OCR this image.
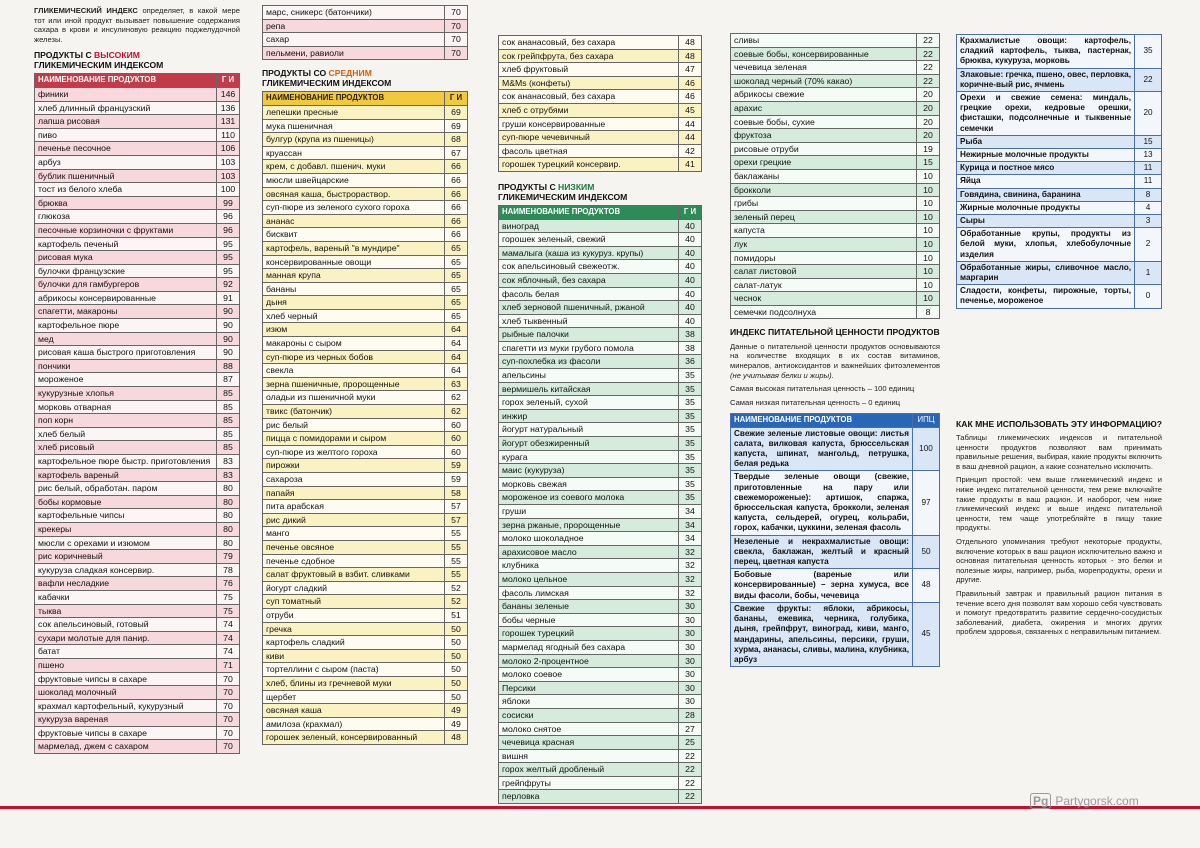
ГЛИКЕМИЧЕСКИЙ ИНДЕКС определяет, в какой мере тот или иной продукт вызывает повышение содержания сахара в крови и инсулиновую реакцию поджелудочной железы.

ПРОДУКТЫ С ВЫСОКИМ
ГЛИКЕМИЧЕСКИМ ИНДЕКСОМ
НАИМЕНОВАНИЕ ПРОДУКТОВ	Г И
финики	146
хлеб длинный французский	136
лапша рисовая	131
пиво	110
печенье песочное	106
арбуз	103
бублик пшеничный	103
тост из белого хлеба	100
брюква	99
глюкоза	96
песочные корзиночки с фруктами	96
картофель печеный	95
рисовая мука	95
булочки французские	95
булочки для гамбургеров	92
абрикосы консервированные	91
спагетти, макароны	90
картофельное пюре	90
мед	90
рисовая каша быстрого приготовления	90
пончики	88
мороженое	87
кукурузные хлопья	85
морковь отварная	85
поп корн	85
хлеб белый	85
хлеб рисовый	85
картофельное пюре быстр. приготовления	83
картофель вареный	83
рис белый, обработан. паром	80
бобы кормовые	80
картофельные чипсы	80
крекеры	80
мюсли с орехами и изюмом	80
рис коричневый	79
кукуруза сладкая консервир.	78
вафли несладкие	76
кабачки	75
тыква	75
сок апельсиновый, готовый	74
сухари молотые для панир.	74
батат	74
пшено	71
фруктовые чипсы в сахаре	70
шоколад молочный	70
крахмал картофельный, кукурузный	70
кукуруза вареная	70
фруктовые чипсы в сахаре	70
мармелад, джем с сахаром	70
марс, сникерс (батончики)	70
репа	70
сахар	70
пельмени, равиоли	70
ПРОДУКТЫ СО СРЕДНИМ
ГЛИКЕМИЧЕСКИМ ИНДЕКСОМ
НАИМЕНОВАНИЕ ПРОДУКТОВ	Г И
лепешки пресные	69
мука пшеничная	69
булгур (крупа из пшеницы)	68
круассан	67
крем, с добавл. пшенич. муки	66
мюсли швейцарские	66
овсяная каша, быстрораствор.	66
суп-пюре из зеленого сухого гороха	66
ананас	66
бисквит	66
картофель, вареный "в мундире"	65
консервированные овощи	65
манная крупа	65
бананы	65
дыня	65
хлеб черный	65
изюм	64
макароны с сыром	64
суп-пюре из черных бобов	64
свекла	64
зерна пшеничные, пророщенные	63
оладьи из пшеничной муки	62
твикс (батончик)	62
рис белый	60
пицца с помидорами и сыром	60
суп-пюре из желтого гороха	60
пирожки	59
сахароза	59
папайя	58
пита арабская	57
рис дикий	57
манго	55
печенье овсяное	55
печенье сдобное	55
салат фруктовый в взбит. сливками	55
йогурт сладкий	52
суп томатный	52
отруби	51
гречка	50
картофель сладкий	50
киви	50
тортеллини с сыром (паста)	50
хлеб, блины из гречневой муки	50
щербет	50
овсяная каша	49
амилоза (крахмал)	49
горошек зеленый, консервированный	48
сок ананасовый, без сахара	48
сок грейпфрута, без сахара	48
хлеб фруктовый	47
M&Ms (конфеты)	46
сок ананасовый, без сахара	46
хлеб с отрубями	45
груши консервированные	44
суп-пюре чечевичный	44
фасоль цветная	42
горошек турецкий консервир.	41
ПРОДУКТЫ С НИЗКИМ
ГЛИКЕМИЧЕСКИМ ИНДЕКСОМ
НАИМЕНОВАНИЕ ПРОДУКТОВ	Г И
виноград	40
горошек зеленый, свежий	40
мамалыга (каша из кукуруз. крупы)	40
сок апельсиновый свежеотж.	40
сок яблочный, без сахара	40
фасоль белая	40
хлеб зерновой пшеничный, ржаной	40
хлеб тыквенный	40
рыбные палочки	38
спагетти из муки грубого помола	38
суп-похлебка из фасоли	36
апельсины	35
вермишель китайская	35
горох зеленый, сухой	35
инжир	35
йогурт натуральный	35
йогурт обезжиренный	35
курага	35
маис (кукуруза)	35
морковь свежая	35
мороженое из соевого молока	35
груши	34
зерна ржаные, пророщенные	34
молоко шоколадное	34
арахисовое масло	32
клубника	32
молоко цельное	32
фасоль лимская	32
бананы зеленые	30
бобы черные	30
горошек турецкий	30
мармелад ягодный без сахара	30
молоко 2-процентное	30
молоко соевое	30
Персики	30
яблоки	30
сосиски	28
молоко снятое	27
чечевица красная	25
вишня	22
горох желтый дробленый	22
грейпфруты	22
перловка	22
сливы	22
соевые бобы, консервированные	22
чечевица зеленая	22
шоколад черный (70% какао)	22
абрикосы свежие	20
арахис	20
соевые бобы, сухие	20
фруктоза	20
рисовые отруби	19
орехи грецкие	15
баклажаны	10
брокколи	10
грибы	10
зеленый перец	10
капуста	10
лук	10
помидоры	10
салат листовой	10
салат-латук	10
чеснок	10
семечки подсолнуха	8
ИНДЕКС ПИТАТЕЛЬНОЙ ЦЕННОСТИ ПРОДУКТОВ

Данные о питательной ценности продуктов основываются на количестве входящих в их состав витаминов, минералов, антиоксидантов и важнейших фитоэлементов (не учитывая белки и жиры).

Самая высокая питательная ценность – 100 единиц

Самая низкая питательная ценность – 0 единиц

НАИМЕНОВАНИЕ ПРОДУКТОВ	ИПЦ
Свежие зеленые листовые овощи: листья салата, вилковая капуста, брюссельская капуста, шпинат, мангольд, петрушка, белая редька	100
Твердые зеленые овощи (свежие, приготовленные на пару или свежемороженые): артишок, спаржа, брюссельская капуста, брокколи, зеленая капуста, сельдерей, огурец, кольраби, горох, кабачки, цуккини, зеленая фасоль	97
Незеленые и некрахмалистые овощи: свекла, баклажан, желтый и красный перец, цветная капуста	50
Бобовые (вареные или консервированные) – зерна хумуса, все виды фасоли, бобы, чечевица	48
Свежие фрукты: яблоки, абрикосы, бананы, ежевика, черника, голубика, дыня, грейпфрут, виноград, киви, манго, мандарины, апельсины, персики, груши, хурма, ананасы, сливы, малина, клубника, арбуз	45
Крахмалистые овощи: картофель, сладкий картофель, тыква, пастернак, брюква, кукуруза, морковь	35
Злаковые: гречка, пшено, овес, перловка, коричне-вый рис, ячмень	22
Орехи и свежие семена: миндаль, грецкие орехи, кедровые орешки, фисташки, подсолнечные и тыквенные семечки	20
Рыба	15
Нежирные молочные продукты	13
Курица и постное мясо	11
Яйца	11
Говядина, свинина, баранина	8
Жирные молочные продукты	4
Сыры	3
Обработанные крупы, продукты из белой муки, хлопья, хлебобулочные изделия	2
Обработанные жиры, сливочное масло, маргарин	1
Сладости, конфеты, пирожные, торты, печенье, мороженое	0
КАК МНЕ ИСПОЛЬЗОВАТЬ ЭТУ ИНФОРМАЦИЮ?

Таблицы гликемических индексов и питательной ценности продуктов позволяют вам принимать правильные решения, выбирая, какие продукты включить в ваш дневной рацион, а какие сознательно исключить.

Принцип простой: чем выше гликемический индекс и ниже индекс питательной ценности, тем реже включайте такие продукты в ваш рацион. И наоборот, чем ниже гликемический индекс и выше индекс питательной ценности, тем чаще употребляйте в пищу такие продукты.

Отдельного упоминания требуют некоторые продукты, включение которых в ваш рацион исключительно важно и основная питательная ценность которых - это белки и полезные жиры, например, рыба, морепродукты, орехи и другие.

Правильный завтрак и правильный рацион питания в течение всего дня позволят вам хорошо себя чувствовать и помогут предотвратить развитие сердечно-сосудистых заболеваний, диабета, ожирения и многих других проблем здоровья, связанных с неправильным питанием.

Pg Partygorsk.com
